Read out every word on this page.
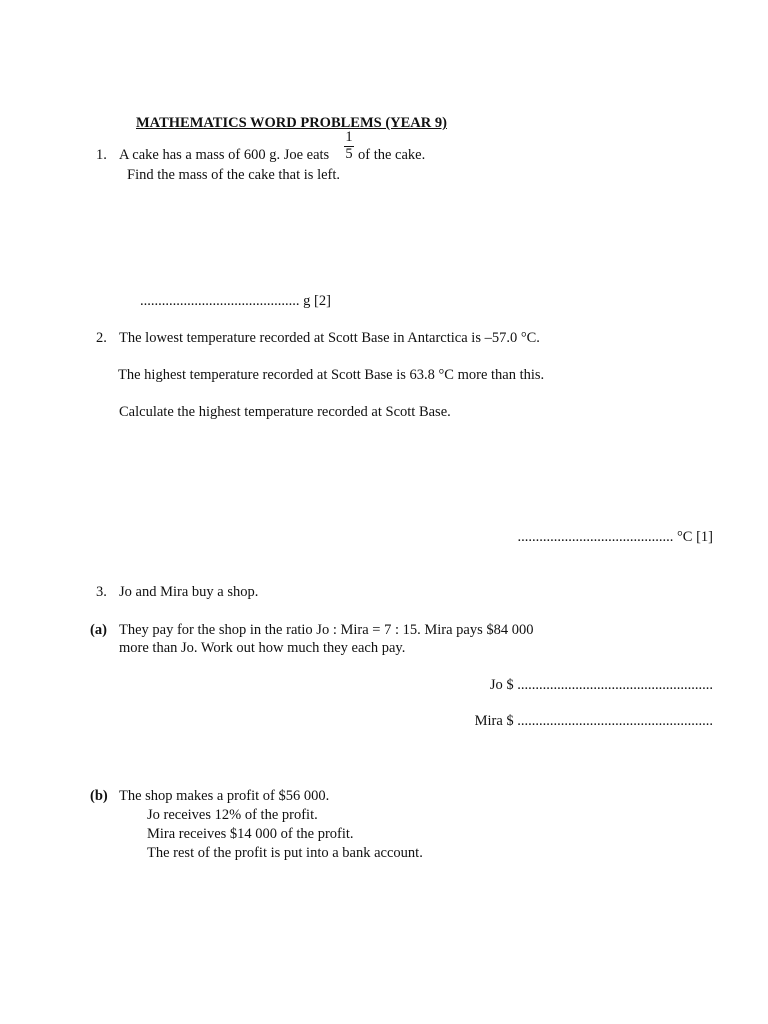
MATHEMATICS WORD PROBLEMS (YEAR 9)
1. A cake has a mass of 600 g. Joe eats
1
5 of the cake.
Find the mass of the cake that is left.
............................................ g [2]
2. The lowest temperature recorded at Scott Base in Antarctica is –57.0 °C.
The highest temperature recorded at Scott Base is 63.8 °C more than this.
Calculate the highest temperature recorded at Scott Base.
........................................... °C [1]
3. Jo and Mira buy a shop.
(a) They pay for the shop in the ratio Jo : Mira = 7 : 15. Mira pays $84 000
more than Jo. Work out how much they each pay.
Jo $ ......................................................
Mira $ ......................................................
(b) The shop makes a profit of $56 000.
Jo receives 12% of the profit.
Mira receives $14 000 of the profit.
The rest of the profit is put into a bank account.
